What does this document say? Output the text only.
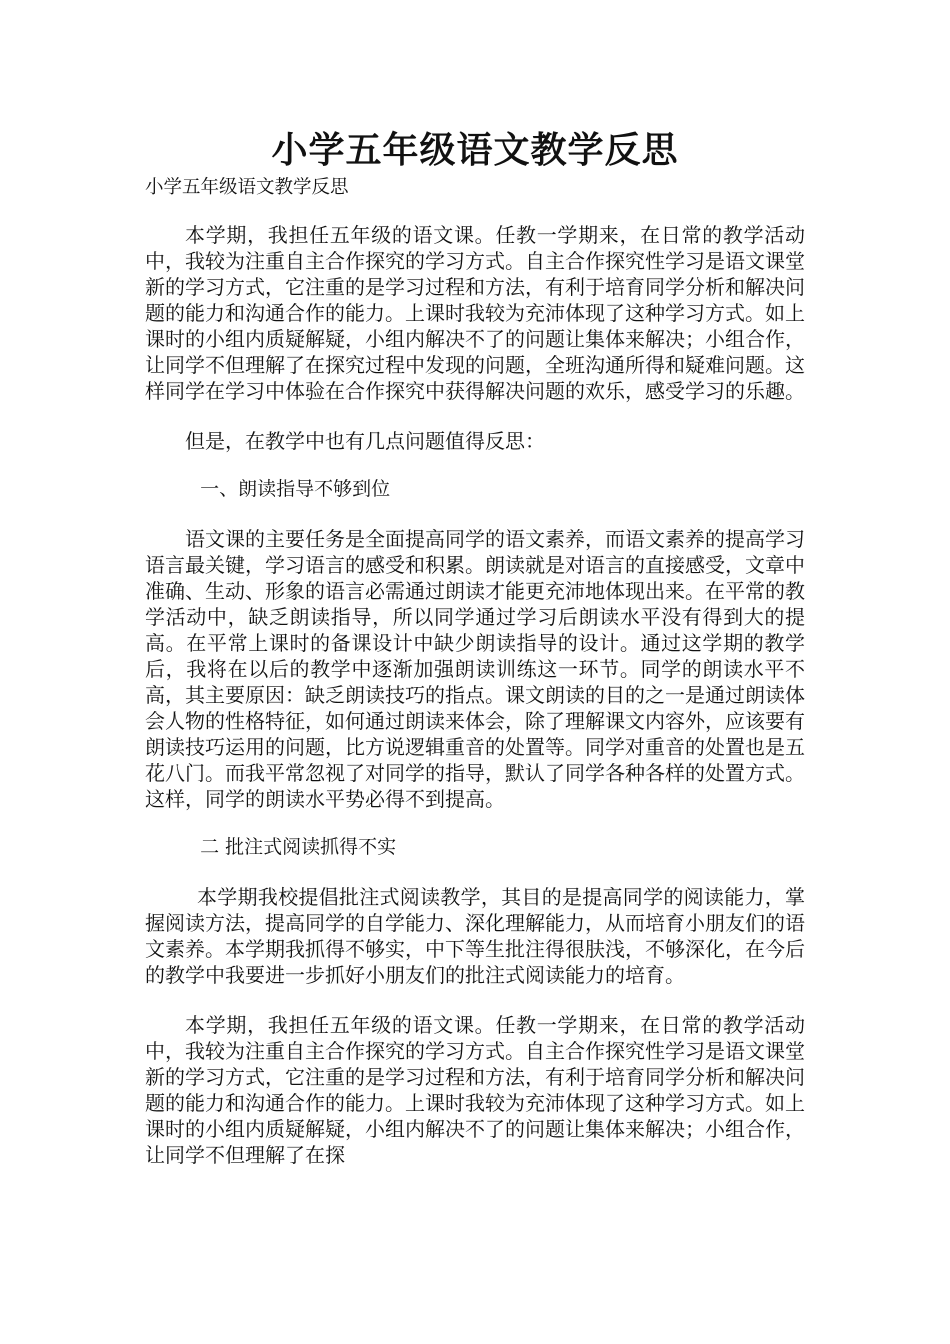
小学五年级语文教学反思

小学五年级语文教学反思

本学期，我担任五年级的语文课。任教一学期来，在日常的教学活动中，我较为注重自主合作探究的学习方式。自主合作探究性学习是语文课堂新的学习方式，它注重的是学习过程和方法，有利于培育同学分析和解决问题的能力和沟通合作的能力。上课时我较为充沛体现了这种学习方式。如上课时的小组内质疑解疑，小组内解决不了的问题让集体来解决；小组合作，让同学不但理解了在探究过程中发现的问题，全班沟通所得和疑难问题。这样同学在学习中体验在合作探究中获得解决问题的欢乐，感受学习的乐趣。

但是，在教学中也有几点问题值得反思：

一、朗读指导不够到位

语文课的主要任务是全面提高同学的语文素养，而语文素养的提高学习语言最关键，学习语言的感受和积累。朗读就是对语言的直接感受，文章中准确、生动、形象的语言必需通过朗读才能更充沛地体现出来。在平常的教学活动中，缺乏朗读指导，所以同学通过学习后朗读水平没有得到大的提高。在平常上课时的备课设计中缺少朗读指导的设计。通过这学期的教学后，我将在以后的教学中逐渐加强朗读训练这一环节。同学的朗读水平不高，其主要原因：缺乏朗读技巧的指点。课文朗读的目的之一是通过朗读体会人物的性格特征，如何通过朗读来体会，除了理解课文内容外，应该要有朗读技巧运用的问题，比方说逻辑重音的处置等。同学对重音的处置也是五花八门。而我平常忽视了对同学的指导，默认了同学各种各样的处置方式。这样，同学的朗读水平势必得不到提高。

二 批注式阅读抓得不实

本学期我校提倡批注式阅读教学，其目的是提高同学的阅读能力，掌握阅读方法，提高同学的自学能力、深化理解能力，从而培育小朋友们的语文素养。本学期我抓得不够实，中下等生批注得很肤浅，不够深化，在今后的教学中我要进一步抓好小朋友们的批注式阅读能力的培育。

本学期，我担任五年级的语文课。任教一学期来，在日常的教学活动中，我较为注重自主合作探究的学习方式。自主合作探究性学习是语文课堂新的学习方式，它注重的是学习过程和方法，有利于培育同学分析和解决问题的能力和沟通合作的能力。上课时我较为充沛体现了这种学习方式。如上课时的小组内质疑解疑，小组内解决不了的问题让集体来解决；小组合作，让同学不但理解了在探
